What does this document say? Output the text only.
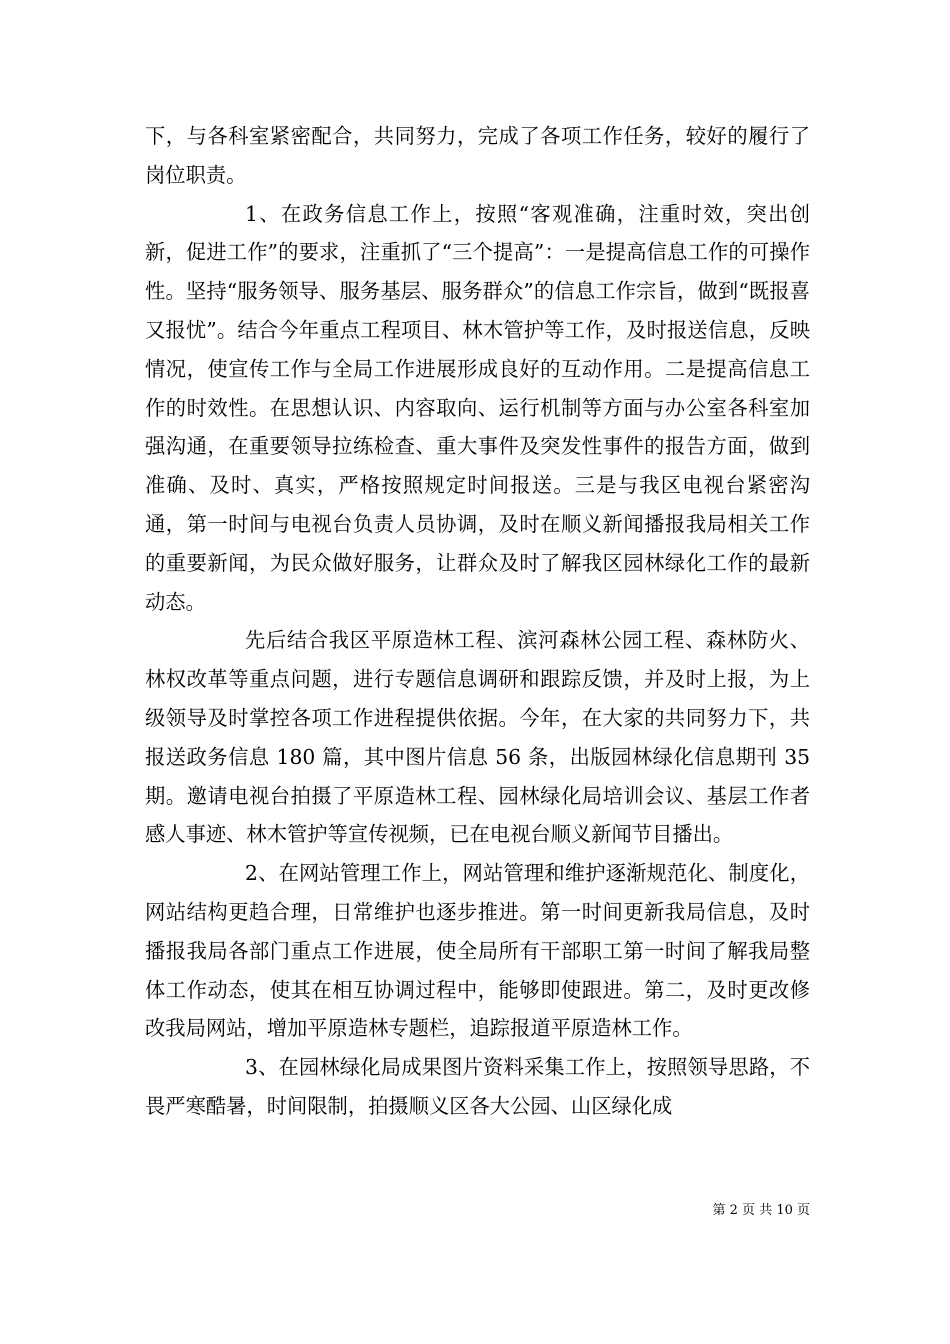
下，与各科室紧密配合，共同努力，完成了各项工作任务，较好的履行了岗位职责。

1、在政务信息工作上，按照“客观准确，注重时效，突出创新，促进工作”的要求，注重抓了“三个提高”：一是提高信息工作的可操作性。坚持“服务领导、服务基层、服务群众”的信息工作宗旨，做到“既报喜又报忧”。结合今年重点工程项目、林木管护等工作，及时报送信息，反映情况，使宣传工作与全局工作进展形成良好的互动作用。二是提高信息工作的时效性。在思想认识、内容取向、运行机制等方面与办公室各科室加强沟通，在重要领导拉练检查、重大事件及突发性事件的报告方面，做到准确、及时、真实，严格按照规定时间报送。三是与我区电视台紧密沟通，第一时间与电视台负责人员协调，及时在顺义新闻播报我局相关工作的重要新闻，为民众做好服务，让群众及时了解我区园林绿化工作的最新动态。

先后结合我区平原造林工程、滨河森林公园工程、森林防火、林权改革等重点问题，进行专题信息调研和跟踪反馈，并及时上报，为上级领导及时掌控各项工作进程提供依据。今年，在大家的共同努力下，共报送政务信息 180 篇，其中图片信息 56 条，出版园林绿化信息期刊 35 期。邀请电视台拍摄了平原造林工程、园林绿化局培训会议、基层工作者感人事迹、林木管护等宣传视频，已在电视台顺义新闻节目播出。

2、在网站管理工作上，网站管理和维护逐渐规范化、制度化，网站结构更趋合理，日常维护也逐步推进。第一时间更新我局信息，及时播报我局各部门重点工作进展，使全局所有干部职工第一时间了解我局整体工作动态，使其在相互协调过程中，能够即使跟进。第二，及时更改修改我局网站，增加平原造林专题栏，追踪报道平原造林工作。

3、在园林绿化局成果图片资料采集工作上，按照领导思路，不畏严寒酷暑，时间限制，拍摄顺义区各大公园、山区绿化成

第 2 页 共 10 页
